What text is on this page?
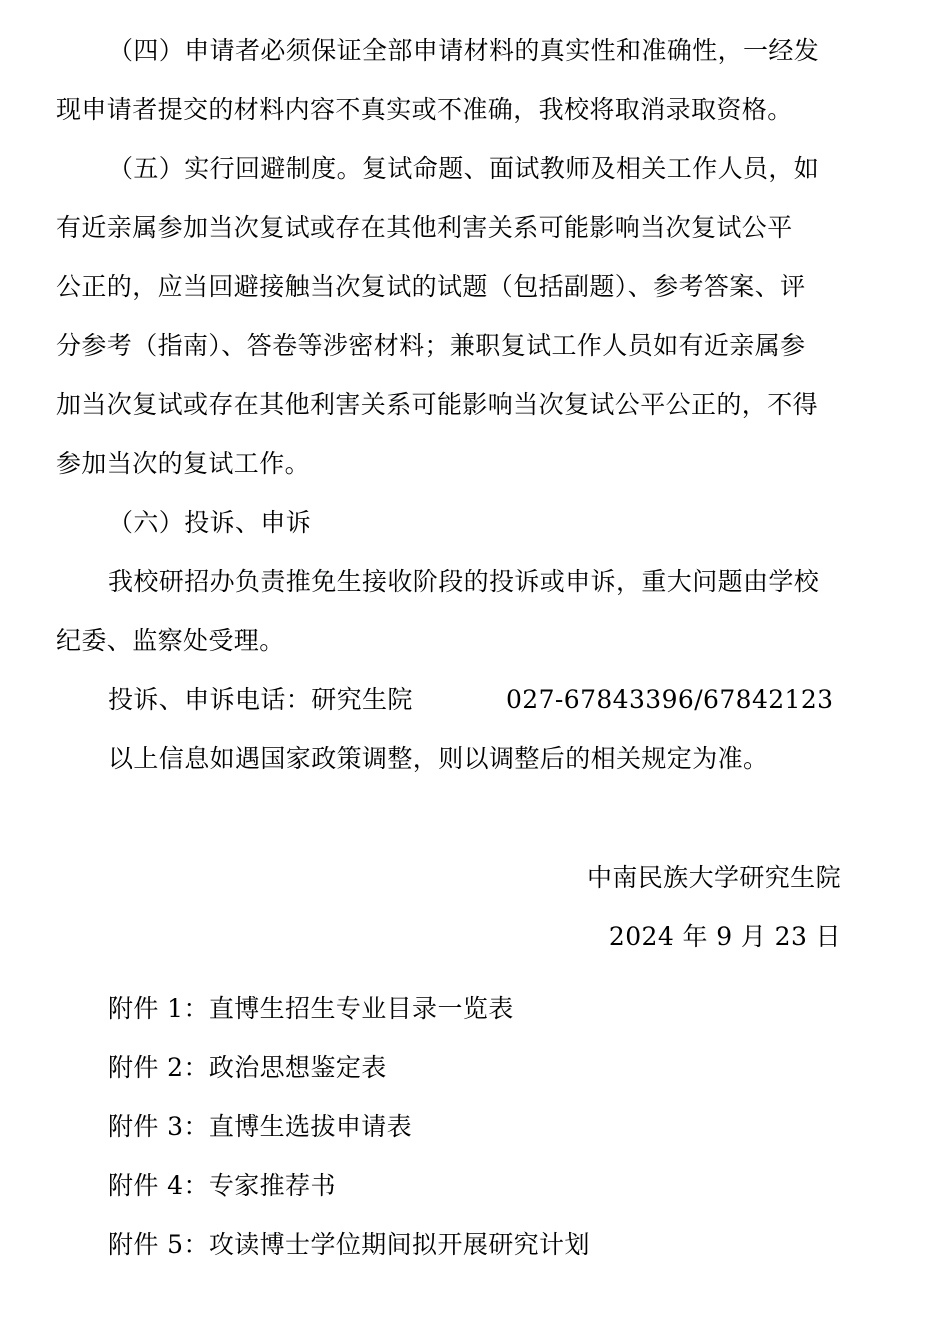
（四）申请者必须保证全部申请材料的真实性和准确性，一经发
现申请者提交的材料内容不真实或不准确，我校将取消录取资格。
（五）实行回避制度。复试命题、面试教师及相关工作人员，如
有近亲属参加当次复试或存在其他利害关系可能影响当次复试公平
公正的，应当回避接触当次复试的试题（包括副题）、参考答案、评
分参考（指南）、答卷等涉密材料；兼职复试工作人员如有近亲属参
加当次复试或存在其他利害关系可能影响当次复试公平公正的，不得
参加当次的复试工作。
（六）投诉、申诉
我校研招办负责推免生接收阶段的投诉或申诉，重大问题由学校
纪委、监察处受理。
投诉、申诉电话：研究生院	027-67843396/67842123
以上信息如遇国家政策调整，则以调整后的相关规定为准。
中南民族大学研究生院
2024 年 9 月 23 日
附件 1：直博生招生专业目录一览表
附件 2：政治思想鉴定表
附件 3：直博生选拔申请表
附件 4：专家推荐书
附件 5：攻读博士学位期间拟开展研究计划
